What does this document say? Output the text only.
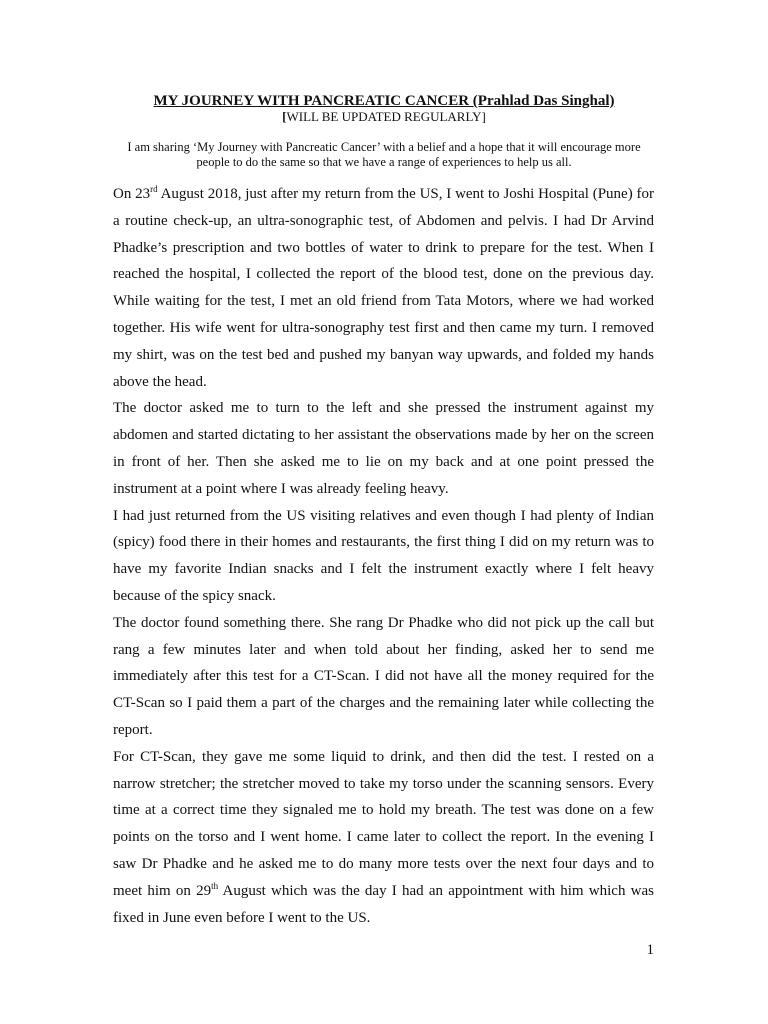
MY JOURNEY WITH PANCREATIC CANCER (Prahlad Das Singhal)
[WILL BE UPDATED REGULARLY]
I am sharing ‘My Journey with Pancreatic Cancer’ with a belief and a hope that it will encourage more people to do the same so that we have a range of experiences to help us all.

On 23rd August 2018, just after my return from the US, I went to Joshi Hospital (Pune) for a routine check-up, an ultra-sonographic test, of Abdomen and pelvis. I had Dr Arvind Phadke’s prescription and two bottles of water to drink to prepare for the test. When I reached the hospital, I collected the report of the blood test, done on the previous day. While waiting for the test, I met an old friend from Tata Motors, where we had worked together. His wife went for ultra-sonography test first and then came my turn. I removed my shirt, was on the test bed and pushed my banyan way upwards, and folded my hands above the head.

The doctor asked me to turn to the left and she pressed the instrument against my abdomen and started dictating to her assistant the observations made by her on the screen in front of her. Then she asked me to lie on my back and at one point pressed the instrument at a point where I was already feeling heavy.

I had just returned from the US visiting relatives and even though I had plenty of Indian (spicy) food there in their homes and restaurants, the first thing I did on my return was to have my favorite Indian snacks and I felt the instrument exactly where I felt heavy because of the spicy snack.

The doctor found something there. She rang Dr Phadke who did not pick up the call but rang a few minutes later and when told about her finding, asked her to send me immediately after this test for a CT-Scan. I did not have all the money required for the CT-Scan so I paid them a part of the charges and the remaining later while collecting the report.

For CT-Scan, they gave me some liquid to drink, and then did the test. I rested on a narrow stretcher; the stretcher moved to take my torso under the scanning sensors. Every time at a correct time they signaled me to hold my breath. The test was done on a few points on the torso and I went home. I came later to collect the report. In the evening I saw Dr Phadke and he asked me to do many more tests over the next four days and to meet him on 29th August which was the day I had an appointment with him which was fixed in June even before I went to the US.

1
